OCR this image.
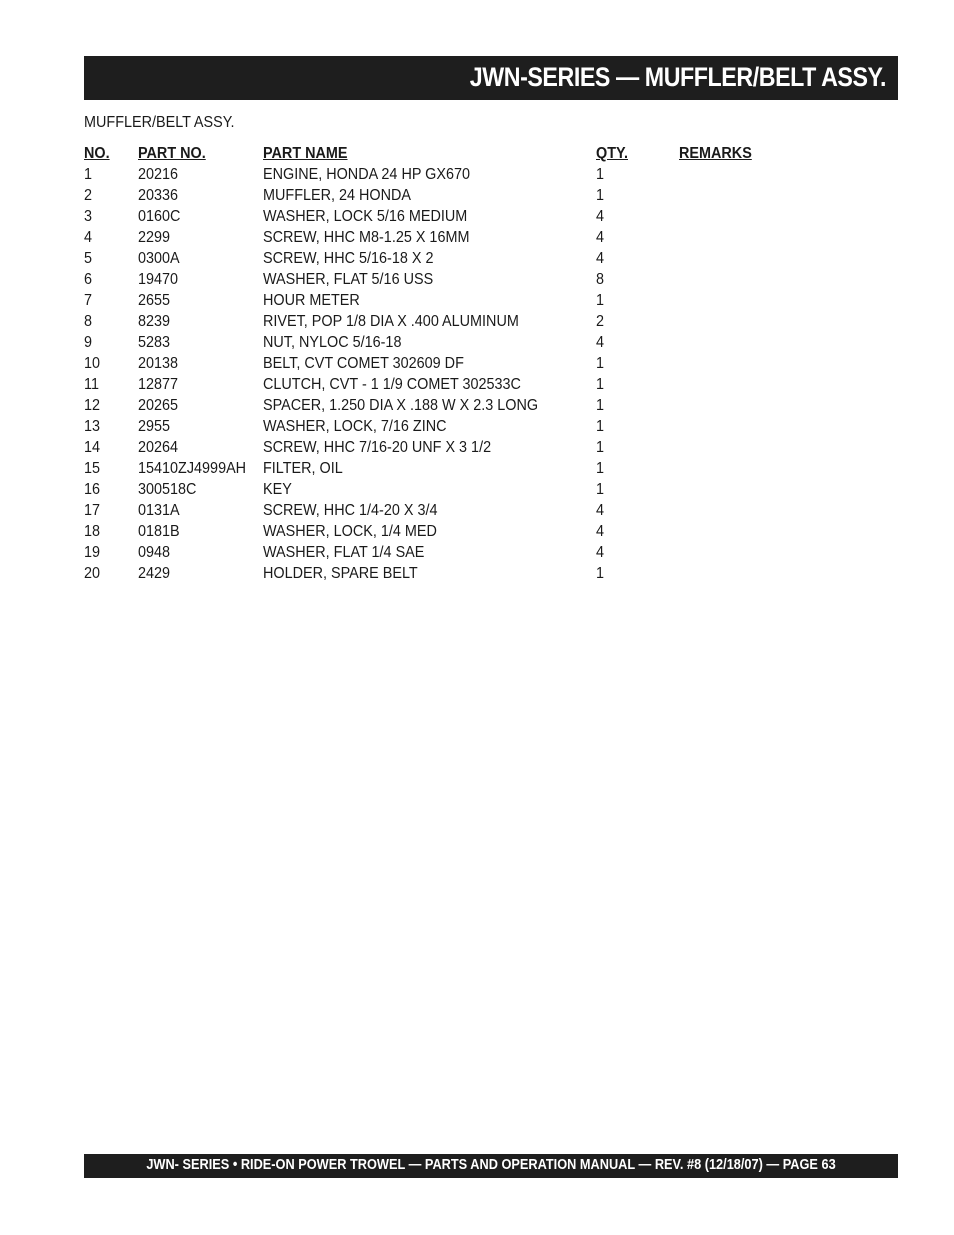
JWN-SERIES — MUFFLER/BELT ASSY.
MUFFLER/BELT ASSY.
NO. PART NO.	PART NAME	QTY.	REMARKS
1	20216	ENGINE, HONDA 24 HP GX670	1
2	20336	MUFFLER, 24 HONDA	1
3	0160C	WASHER, LOCK 5/16 MEDIUM	4
4	2299	SCREW, HHC M8-1.25 X 16MM	4
5	0300A	SCREW, HHC 5/16-18 X 2	4
6	19470	WASHER, FLAT 5/16 USS	8
7	2655	HOUR METER	1
8	8239	RIVET, POP 1/8 DIA X .400 ALUMINUM	2
9	5283	NUT, NYLOC 5/16-18	4
10 20138	BELT, CVT COMET 302609 DF	1
11 12877	CLUTCH, CVT - 1 1/9 COMET 302533C	1
12 20265	SPACER, 1.250 DIA X .188 W X 2.3 LONG	1
13 2955	WASHER, LOCK, 7/16 ZINC	1
14 20264	SCREW, HHC 7/16-20 UNF X 3 1/2	1
15 15410ZJ4999AH FILTER, OIL	1
16 300518C	KEY	1
17 0131A	SCREW, HHC 1/4-20 X 3/4	4
18 0181B	WASHER, LOCK, 1/4 MED	4
19 0948	WASHER, FLAT 1/4 SAE	4
20 2429	HOLDER, SPARE BELT	1
JWN- SERIES • RIDE-ON POWER TROWEL — PARTS AND OPERATION MANUAL — REV. #8 (12/18/07) — PAGE 63
